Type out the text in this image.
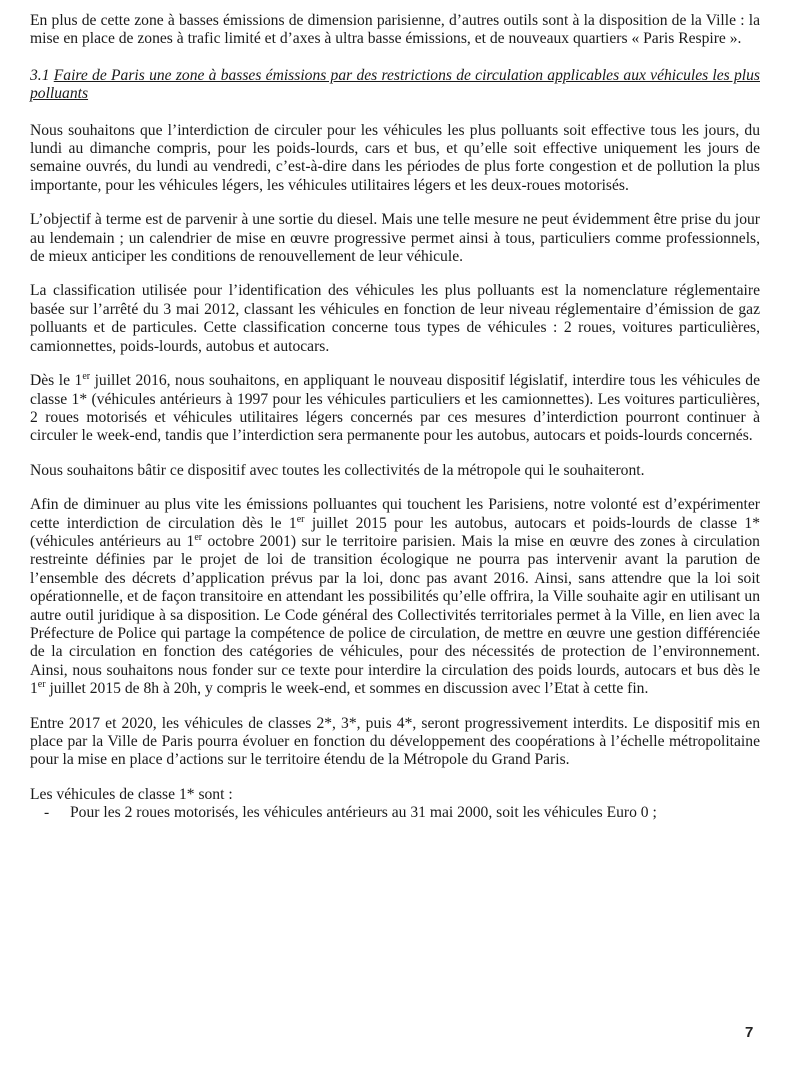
En plus de cette zone à basses émissions de dimension parisienne, d’autres outils sont à la disposition de la Ville : la mise en place de zones à trafic limité et d’axes à ultra basse émissions, et de nouveaux quartiers « Paris Respire ».

3.1 Faire de Paris une zone à basses émissions par des restrictions de circulation applicables aux véhicules les plus polluants

Nous souhaitons que l’interdiction de circuler pour les véhicules les plus polluants soit effective tous les jours, du lundi au dimanche compris, pour les poids-lourds, cars et bus, et qu’elle soit effective uniquement les jours de semaine ouvrés, du lundi au vendredi, c’est-à-dire dans les périodes de plus forte congestion et de pollution la plus importante, pour les véhicules légers, les véhicules utilitaires légers et les deux-roues motorisés.

L’objectif à terme est de parvenir à une sortie du diesel. Mais une telle mesure ne peut évidemment être prise du jour au lendemain ; un calendrier de mise en œuvre progressive permet ainsi à tous, particuliers comme professionnels, de mieux anticiper les conditions de renouvellement de leur véhicule.

La classification utilisée pour l’identification des véhicules les plus polluants est la nomenclature réglementaire basée sur l’arrêté du 3 mai 2012, classant les véhicules en fonction de leur niveau réglementaire d’émission de gaz polluants et de particules. Cette classification concerne tous types de véhicules : 2 roues, voitures particulières, camionnettes, poids-lourds, autobus et autocars.

Dès le 1er juillet 2016, nous souhaitons, en appliquant le nouveau dispositif législatif, interdire tous les véhicules de classe 1* (véhicules antérieurs à 1997 pour les véhicules particuliers et les camionnettes). Les voitures particulières, 2 roues motorisés et véhicules utilitaires légers concernés par ces mesures d’interdiction pourront continuer à circuler le week-end, tandis que l’interdiction sera permanente pour les autobus, autocars et poids-lourds concernés.

Nous souhaitons bâtir ce dispositif avec toutes les collectivités de la métropole qui le souhaiteront.

Afin de diminuer au plus vite les émissions polluantes qui touchent les Parisiens, notre volonté est d’expérimenter cette interdiction de circulation dès le 1er juillet 2015 pour les autobus, autocars et poids-lourds de classe 1* (véhicules antérieurs au 1er octobre 2001) sur le territoire parisien. Mais la mise en œuvre des zones à circulation restreinte définies par le projet de loi de transition écologique ne pourra pas intervenir avant la parution de l’ensemble des décrets d’application prévus par la loi, donc pas avant 2016. Ainsi, sans attendre que la loi soit opérationnelle, et de façon transitoire en attendant les possibilités qu’elle offrira, la Ville souhaite agir en utilisant un autre outil juridique à sa disposition. Le Code général des Collectivités territoriales permet à la Ville, en lien avec la Préfecture de Police qui partage la compétence de police de circulation, de mettre en œuvre une gestion différenciée de la circulation en fonction des catégories de véhicules, pour des nécessités de protection de l’environnement. Ainsi, nous souhaitons nous fonder sur ce texte pour interdire la circulation des poids lourds, autocars et bus dès le 1er juillet 2015 de 8h à 20h, y compris le week-end, et sommes en discussion avec l’Etat à cette fin.

Entre 2017 et 2020, les véhicules de classes 2*, 3*, puis 4*, seront progressivement interdits. Le dispositif mis en place par la Ville de Paris pourra évoluer en fonction du développement des coopérations à l’échelle métropolitaine pour la mise en place d’actions sur le territoire étendu de la Métropole du Grand Paris.

Les véhicules de classe 1* sont :

-	Pour les 2 roues motorisés, les véhicules antérieurs au 31 mai 2000, soit les véhicules Euro 0 ;
7
